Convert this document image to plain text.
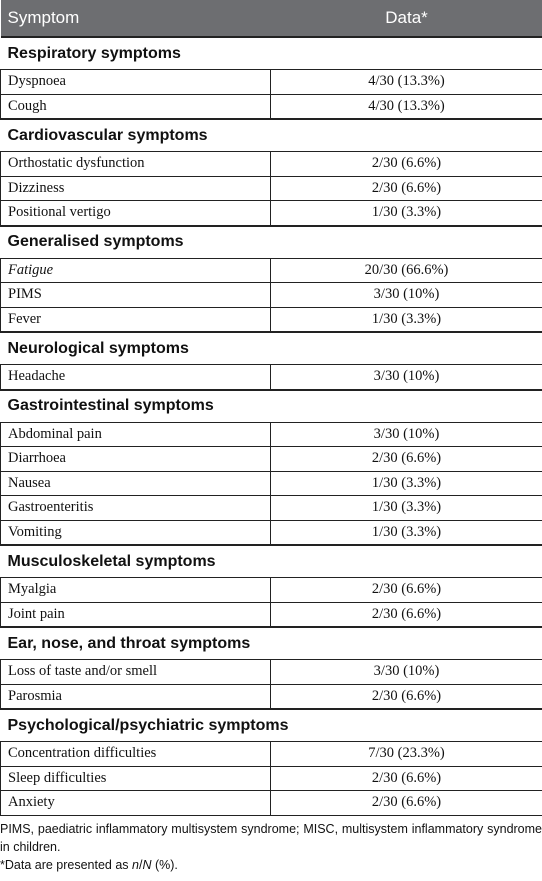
Symptom	Data*
Respiratory symptoms	
Dyspnoea	4/30 (13.3%)
Cough	4/30 (13.3%)
Cardiovascular symptoms	
Orthostatic dysfunction	2/30 (6.6%)
Dizziness	2/30 (6.6%)
Positional vertigo	1/30 (3.3%)
Generalised symptoms	
Fatigue	20/30 (66.6%)
PIMS	3/30 (10%)
Fever	1/30 (3.3%)
Neurological symptoms	
Headache	3/30 (10%)
Gastrointestinal symptoms	
Abdominal pain	3/30 (10%)
Diarrhoea	2/30 (6.6%)
Nausea	1/30 (3.3%)
Gastroenteritis	1/30 (3.3%)
Vomiting	1/30 (3.3%)
Musculoskeletal symptoms	
Myalgia	2/30 (6.6%)
Joint pain	2/30 (6.6%)
Ear, nose, and throat symptoms	
Loss of taste and/or smell	3/30 (10%)
Parosmia	2/30 (6.6%)
Psychological/psychiatric symptoms	
Concentration difficulties	7/30 (23.3%)
Sleep difficulties	2/30 (6.6%)
Anxiety	2/30 (6.6%)

PIMS, paediatric inflammatory multisystem syndrome; MISC, multisystem inflammatory syndrome in children.

*Data are presented as n/N (%).
